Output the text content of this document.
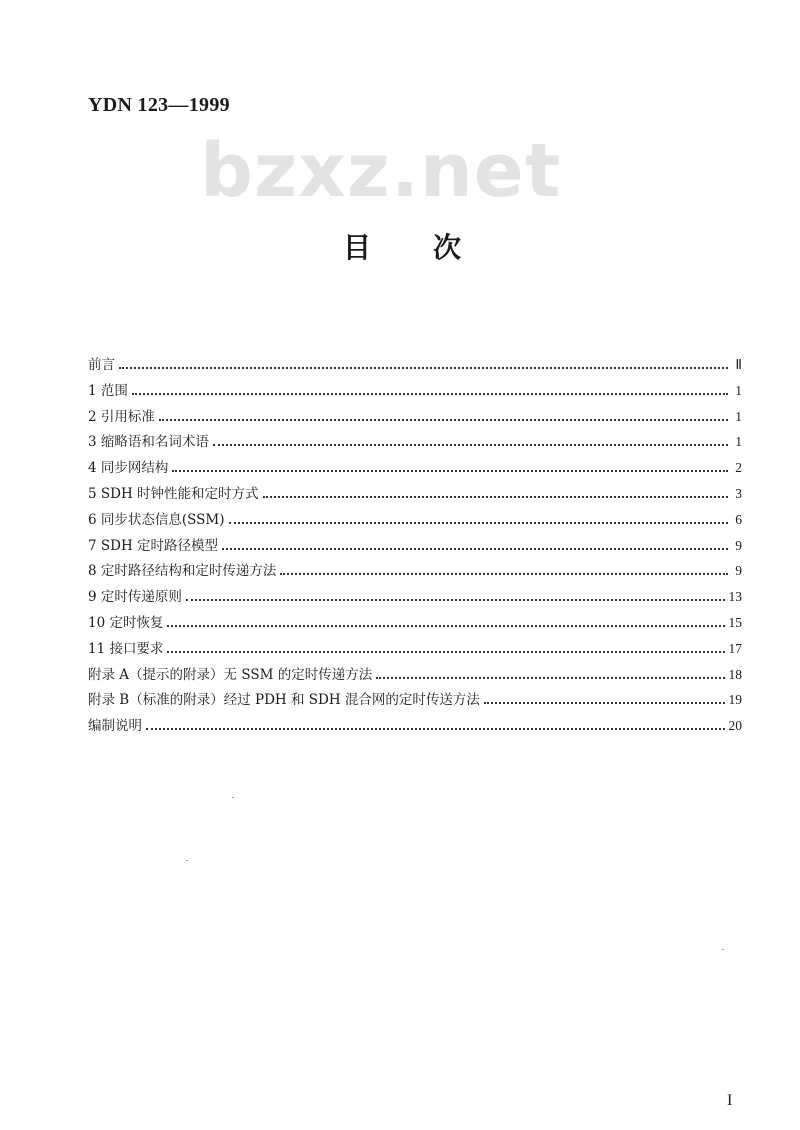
YDN 123—1999
bzxz.net
目 次
前言	Ⅱ
1 范围	1
2 引用标准	1
3 缩略语和名词术语	1
4 同步网结构	2
5 SDH 时钟性能和定时方式	3
6 同步状态信息(SSM)	6
7 SDH 定时路径模型	9
8 定时路径结构和定时传递方法	9
9 定时传递原则	13
10 定时恢复	15
11 接口要求	17
附录 A（提示的附录）无 SSM 的定时传递方法	18
附录 B（标准的附录）经过 PDH 和 SDH 混合网的定时传送方法	19
编制说明	20
I
